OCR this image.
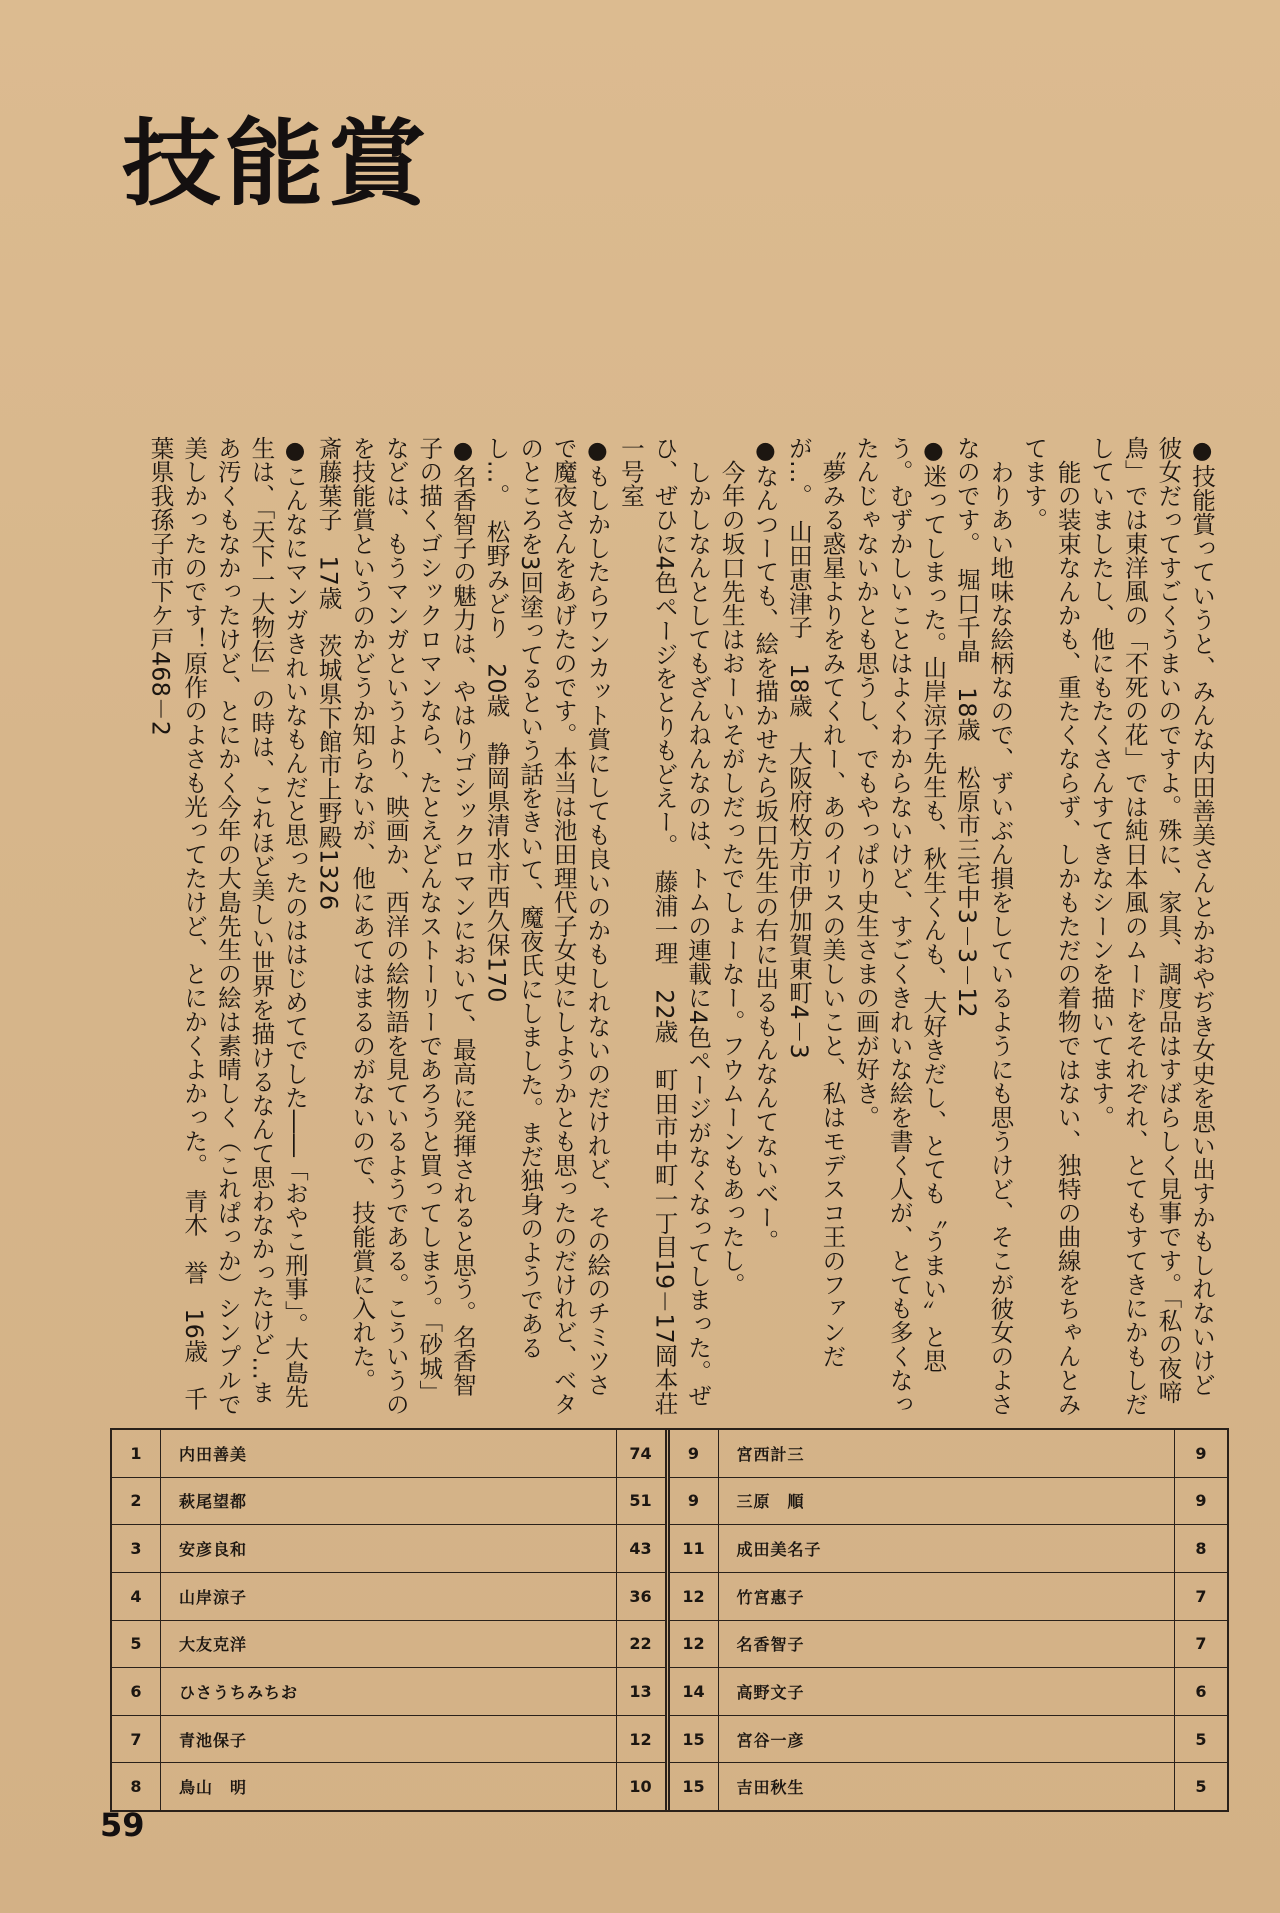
技能賞

●技能賞っていうと、みんな内田善美さんとかおやぢき女史を思い出すかもしれないけど彼女だってすごくうまいのですよ。殊に、家具、調度品はすばらしく見事です。「私の夜啼鳥」では東洋風の「不死の花」では純日本風のムードをそれぞれ、とてもすてきにかもしだしていましたし、他にもたくさんすてきなシーンを描いてます。

能の装束なんかも、重たくならず、しかもただの着物ではない、独特の曲線をちゃんとみてます。

わりあい地味な絵柄なので、ずいぶん損をしているようにも思うけど、そこが彼女のよさなのです。　堀口千晶　18歳　松原市三宅中3－3－12

●迷ってしまった。山岸涼子先生も、秋生くんも、大好きだし、とても〝うまい〟と思う。むずかしいことはよくわからないけど、すごくきれいな絵を書く人が、とても多くなったんじゃないかとも思うし、でもやっぱり史生さまの画が好き。

〝夢みる惑星よりをみてくれー、あのイリスの美しいこと、私はモデスコ王のファンだが…。　山田恵津子　18歳　大阪府枚方市伊加賀東町4－3

●なんつーても、絵を描かせたら坂口先生の右に出るもんなんてないべー。

今年の坂口先生はおーいそがしだったでしょーなー。フウムーンもあったし。

しかしなんとしてもざんねんなのは、トムの連載に4色ページがなくなってしまった。ぜひ、ぜひに4色ページをとりもどえー。　藤浦一理　22歳　町田市中町一丁目19－17岡本荘一号室

●もしかしたらワンカット賞にしても良いのかもしれないのだけれど、その絵のチミツさで魔夜さんをあげたのです。本当は池田理代子女史にしようかとも思ったのだけれど、ベタのところを3回塗ってるという話をきいて、魔夜氏にしました。まだ独身のようであるし…。　松野みどり　20歳　静岡県清水市西久保170

●名香智子の魅力は、やはりゴシックロマンにおいて、最高に発揮されると思う。名香智子の描くゴシックロマンなら、たとえどんなストーリーであろうと買ってしまう。「砂城」などは、もうマンガというより、映画か、西洋の絵物語を見ているようである。こういうのを技能賞というのかどうか知らないが、他にあてはまるのがないので、技能賞に入れた。　斎藤葉子　17歳　茨城県下館市上野殿1326

●こんなにマンガきれいなもんだと思ったのははじめてでした――「おやこ刑事」。大島先生は、「天下一大物伝」の時は、これほど美しい世界を描けるなんて思わなかったけど…まあ汚くもなかったけど、とにかく今年の大島先生の絵は素晴しく（これぱっか）シンプルで美しかったのです！原作のよさも光ってたけど、とにかくよかった。　青木　誉　16歳　千葉県我孫子市下ケ戸468－2

1	内田善美	74
2	萩尾望都	51
3	安彦良和	43
4	山岸涼子	36
5	大友克洋	22
6	ひさうちみちお	13
7	青池保子	12
8	鳥山　明	10
9	宮西計三	9
9	三原　順	9
11	成田美名子	8
12	竹宮惠子	7
12	名香智子	7
14	高野文子	6
15	宮谷一彦	5
15	吉田秋生	5
59
